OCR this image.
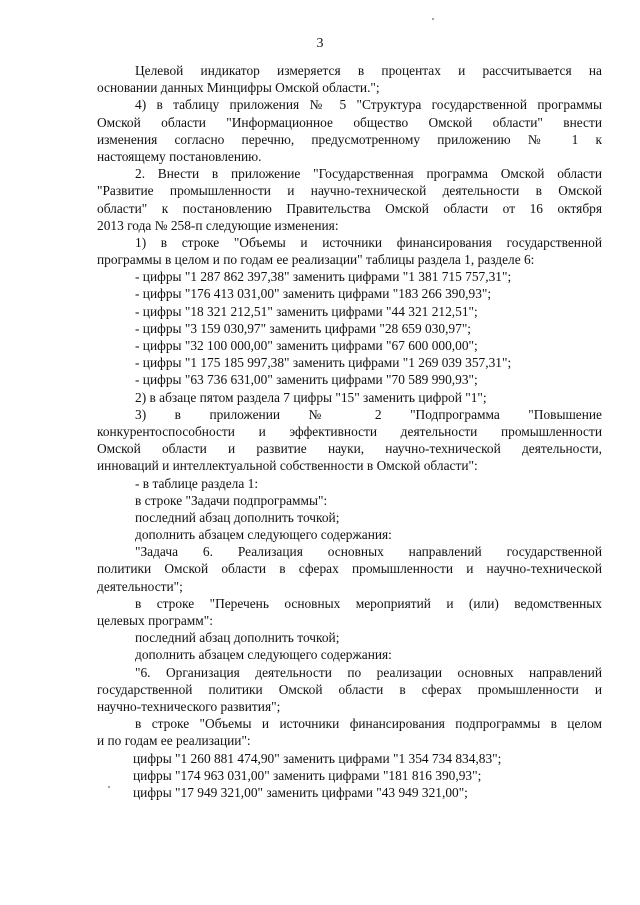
3
Целевой индикатор измеряется в процентах и рассчитывается на
основании данных Минцифры Омской области.";
4) в таблицу приложения № 5 "Структура государственной программы
Омской области "Информационное общество Омской области" внести
изменения согласно перечню, предусмотренному приложению № 1 к
настоящему постановлению.
2. Внести в приложение "Государственная программа Омской области
"Развитие промышленности и научно-технической деятельности в Омской
области" к постановлению Правительства Омской области от 16 октября
2013 года № 258-п следующие изменения:
1) в строке "Объемы и источники финансирования государственной
программы в целом и по годам ее реализации" таблицы раздела 1, разделе 6:
- цифры "1 287 862 397,38" заменить цифрами "1 381 715 757,31";
- цифры "176 413 031,00" заменить цифрами "183 266 390,93";
- цифры "18 321 212,51" заменить цифрами "44 321 212,51";
- цифры "3 159 030,97" заменить цифрами "28 659 030,97";
- цифры "32 100 000,00" заменить цифрами "67 600 000,00";
- цифры "1 175 185 997,38" заменить цифрами "1 269 039 357,31";
- цифры "63 736 631,00" заменить цифрами "70 589 990,93";
2) в абзаце пятом раздела 7 цифры "15" заменить цифрой "1";
3) в приложении № 2 "Подпрограмма "Повышение
конкурентоспособности и эффективности деятельности промышленности
Омской области и развитие науки, научно-технической деятельности,
инноваций и интеллектуальной собственности в Омской области":
- в таблице раздела 1:
в строке "Задачи подпрограммы":
последний абзац дополнить точкой;
дополнить абзацем следующего содержания:
"Задача 6. Реализация основных направлений государственной
политики Омской области в сферах промышленности и научно-технической
деятельности";
в строке "Перечень основных мероприятий и (или) ведомственных
целевых программ":
последний абзац дополнить точкой;
дополнить абзацем следующего содержания:
"6. Организация деятельности по реализации основных направлений
государственной политики Омской области в сферах промышленности и
научно-технического развития";
в строке "Объемы и источники финансирования подпрограммы в целом
и по годам ее реализации":
цифры "1 260 881 474,90" заменить цифрами "1 354 734 834,83";
цифры "174 963 031,00" заменить цифрами "181 816 390,93";
цифры "17 949 321,00" заменить цифрами "43 949 321,00";
